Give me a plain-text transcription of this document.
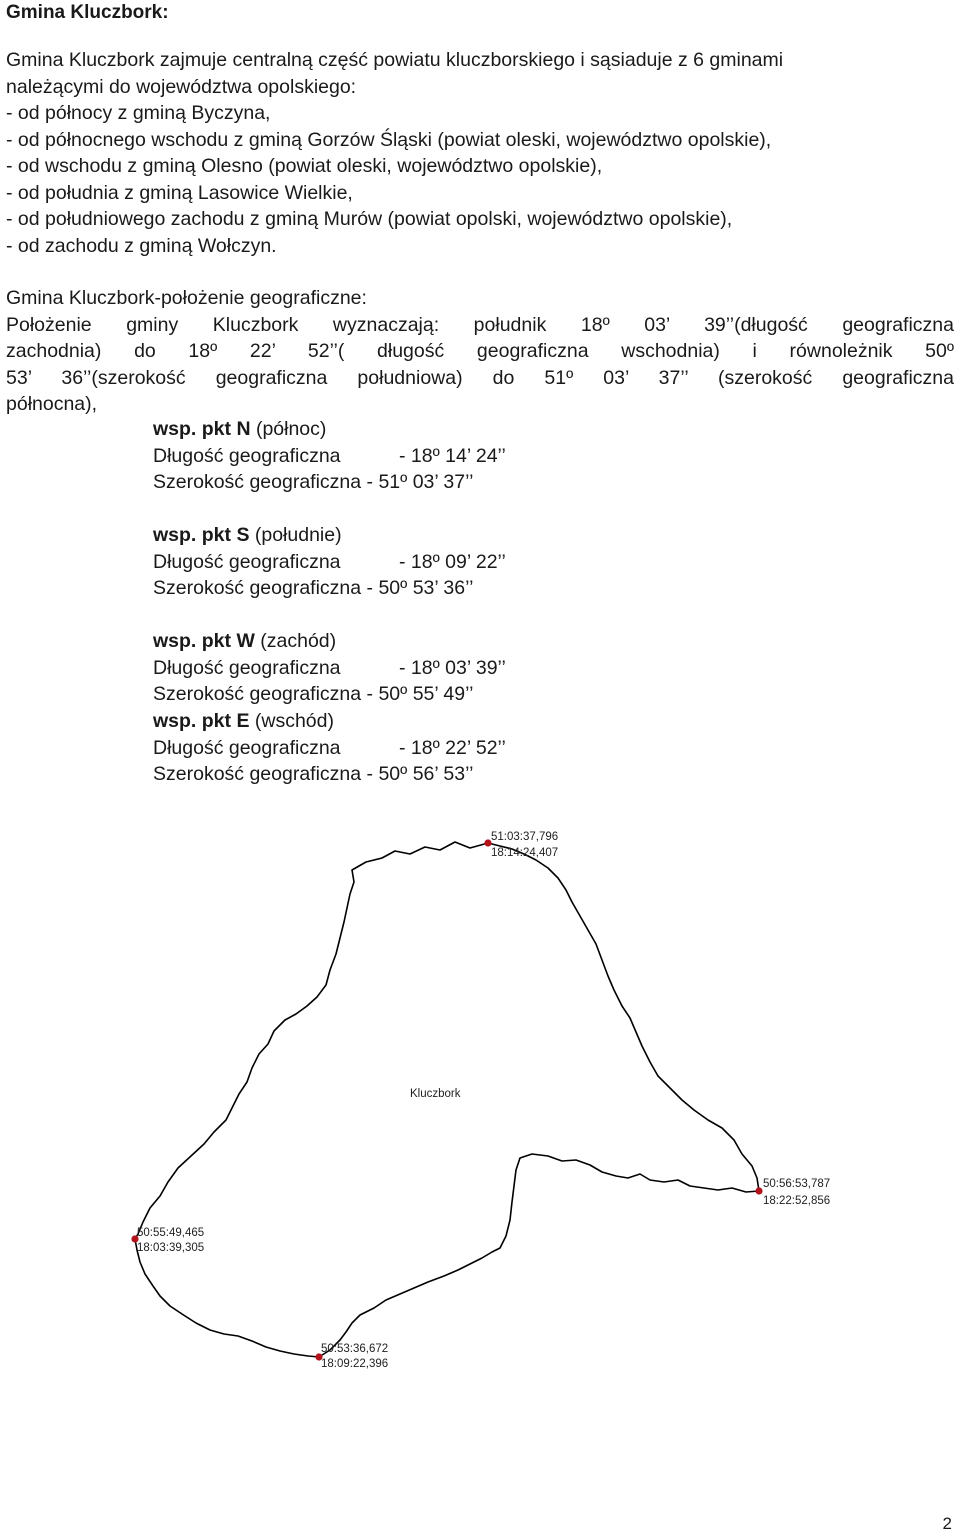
Gmina Kluczbork:
Gmina Kluczbork zajmuje centralną część powiatu kluczborskiego i sąsiaduje z 6 gminami
należącymi do województwa opolskiego:
- od północy z gminą Byczyna,
- od północnego wschodu z gminą Gorzów Śląski (powiat oleski, województwo opolskie),
- od wschodu z gminą Olesno (powiat oleski, województwo opolskie),
- od południa z gminą Lasowice Wielkie,
- od południowego zachodu z gminą Murów (powiat opolski, województwo opolskie),
- od zachodu z gminą Wołczyn.
Gmina Kluczbork-położenie geograficzne:
Położenie gminy Kluczbork wyznaczają: południk 18º 03’ 39’’(długość geograficzna
zachodnia) do 18º 22’ 52’’( długość geograficzna wschodnia) i równoleżnik 50º
53’ 36’’(szerokość geograficzna południowa) do 51º 03’ 37’’ (szerokość geograficzna
północna),
wsp. pkt N (północ)
Długość geograficzna	- 18º 14’ 24’’
Szerokość geograficzna - 51º 03’ 37’’
wsp. pkt S (południe)
Długość geograficzna	- 18º 09’ 22’’
Szerokość geograficzna - 50º 53’ 36’’
wsp. pkt W (zachód)
Długość geograficzna	- 18º 03’ 39’’
Szerokość geograficzna - 50º 55’ 49’’
wsp. pkt E (wschód)
Długość geograficzna	- 18º 22’ 52’’
Szerokość geograficzna - 50º 56’ 53’’
Kluczbork
51:03:37,796
18:14:24,407
50:56:53,787
18:22:52,856
50:55:49,465
18:03:39,305
50:53:36,672
18:09:22,396
2
